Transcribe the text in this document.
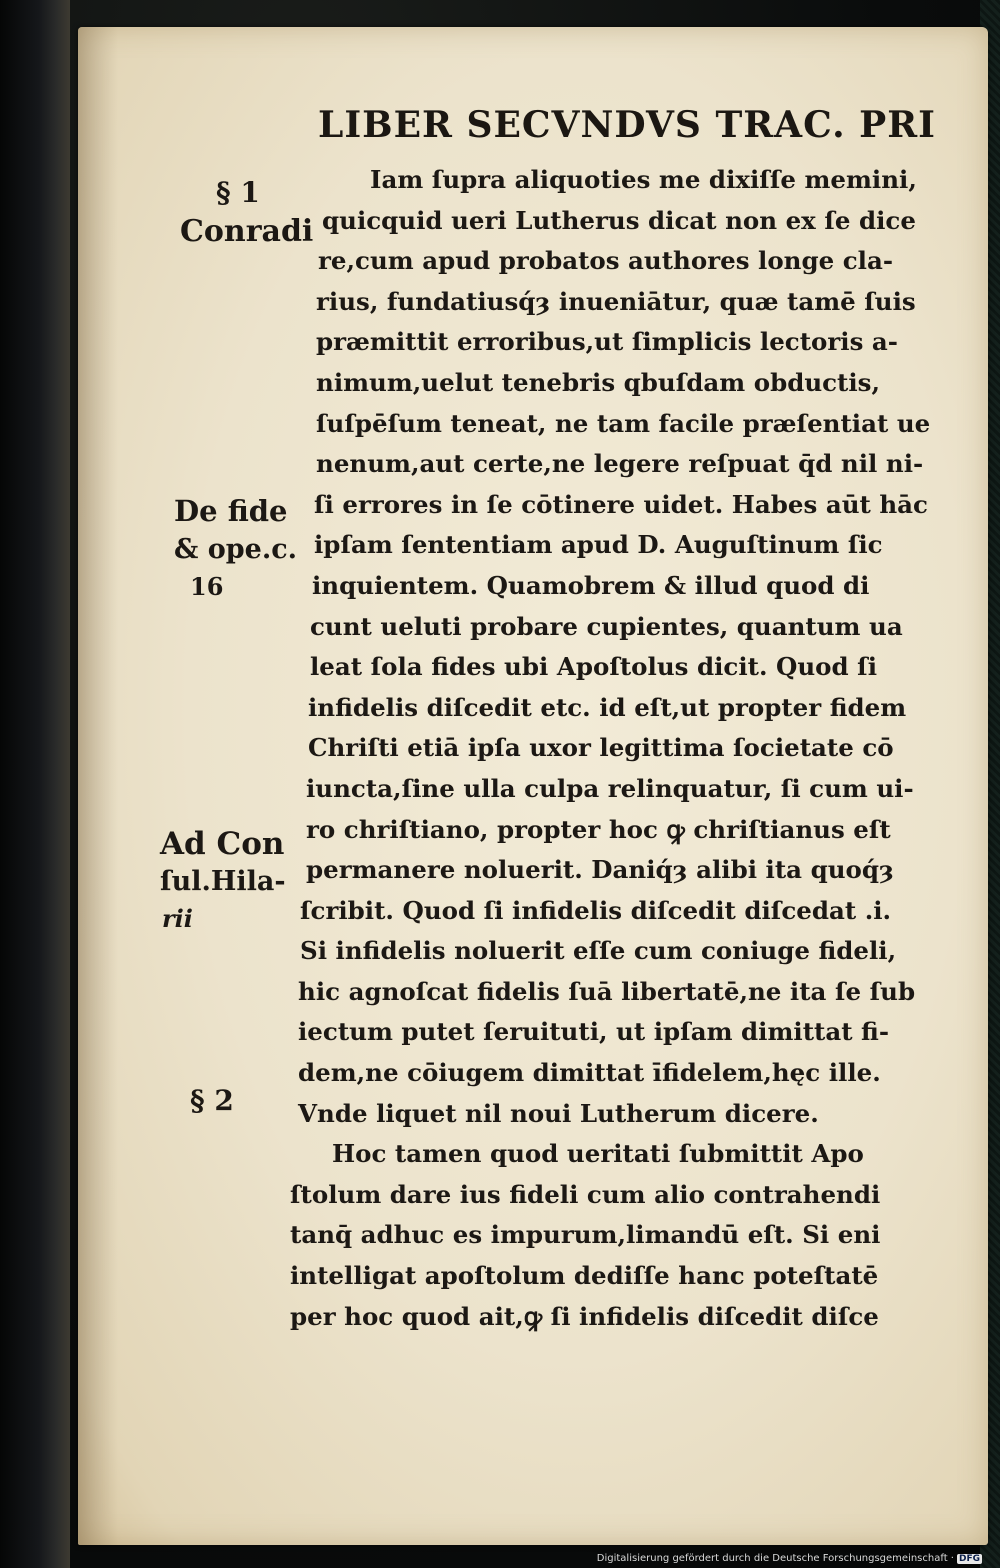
LIBER SECVNDVS TRAC. PRI
Iam ſupra aliquoties me dixiſſe memini,
quicquid ueri Lutherus dicat non ex ſe dice
re,cum apud probatos authores longe cla-
rius, fundatiusq́ȝ inueniātur, quæ tamē ſuis
præmittit erroribus,ut ſimplicis lectoris a-
nimum,uelut tenebris qbuſdam obductis,
ſuſpēſum teneat, ne tam facile præſentiat ue
nenum,aut certe,ne legere reſpuat q̄d nil ni-
ſi errores in ſe cōtinere uidet. Habes aūt hāc
ipſam ſententiam apud D. Auguſtinum ſic
inquientem. Quamobrem & illud quod di
cunt ueluti probare cupientes, quantum ua
leat ſola fides ubi Apoſtolus dicit. Quod ſi
infidelis diſcedit etc. id eſt,ut propter fidem
Chriſti etiā ipſa uxor legittima ſocietate cō
iuncta,ſine ulla culpa relinquatur, ſi cum ui-
ro chriſtiano, propter hoc ꝙ chriſtianus eſt
permanere noluerit. Daniq́ȝ alibi ita quoq́ȝ
ſcribit. Quod ſi infidelis diſcedit diſcedat .i.
Si infidelis noluerit eſſe cum coniuge fideli,
hic agnoſcat fidelis ſuā libertatē,ne ita ſe ſub
iectum putet ſeruituti, ut ipſam dimittat fi-
dem,ne cōiugem dimittat īfidelem,hęc ille.
Vnde liquet nil noui Lutherum dicere.
Hoc tamen quod ueritati ſubmittit Apo
ſtolum dare ius fideli cum alio contrahendi
tanq̄ adhuc es impurum,limandū eſt. Si eni
intelligat apoſtolum dediſſe hanc poteſtatē
per hoc quod ait,ꝙ ſi infidelis diſcedit diſce
§ 1
Conradi
De fide
& ope.c.
16
Ad Con
ſul.Hila-
rii
§ 2
Digitalisierung gefördert durch die Deutsche Forschungsgemeinschaft · DFG
